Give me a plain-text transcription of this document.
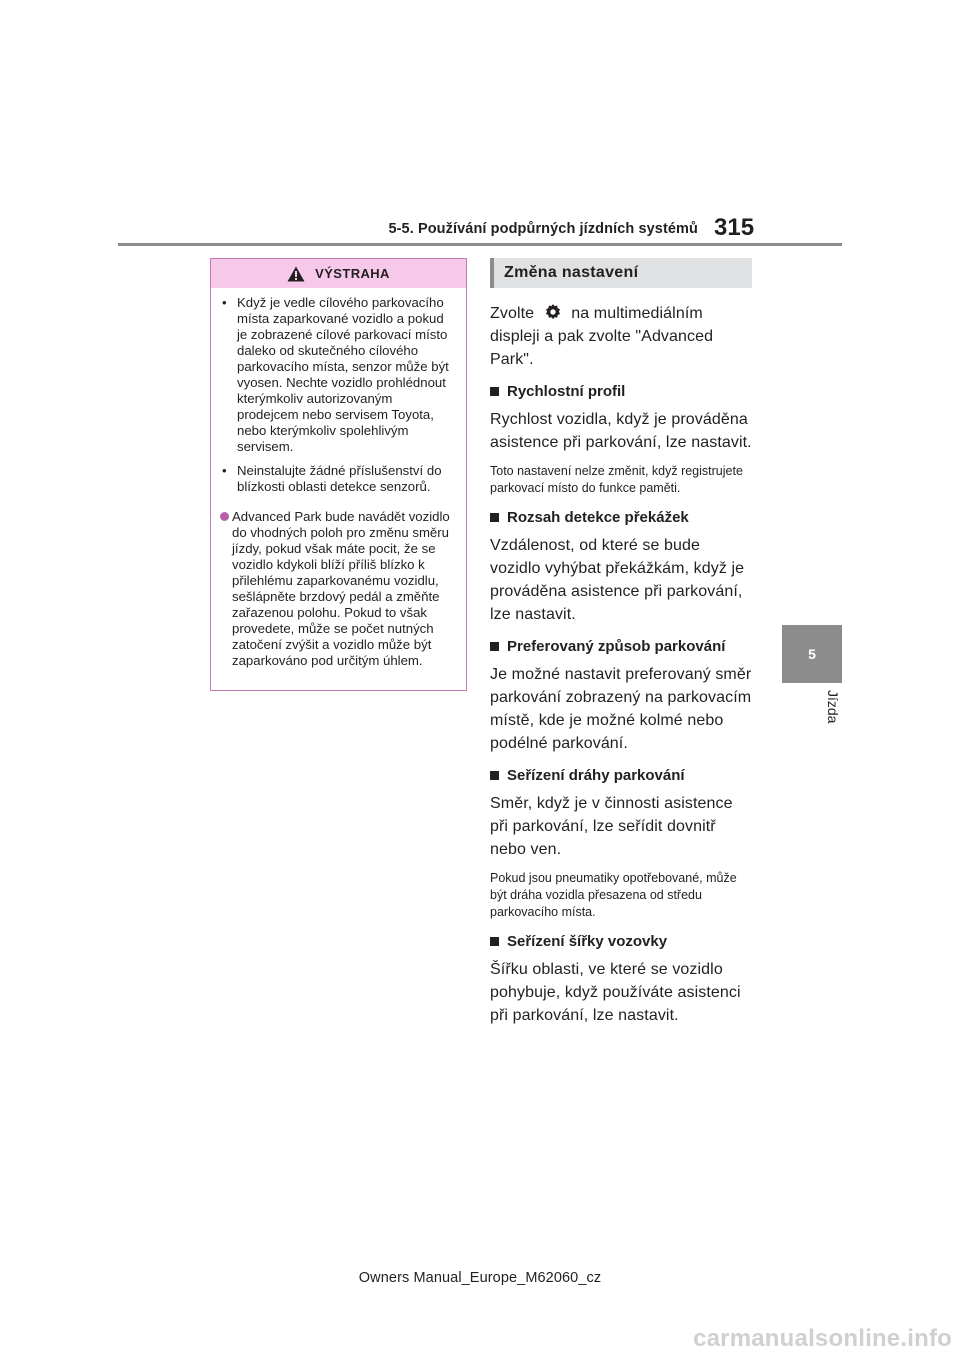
5-5. Používání podpůrných jízdních systémů 315
5
Jízda
VÝSTRAHA
• Když je vedle cílového parkovacího místa zaparkované vozidlo a pokud je zobrazené cílové parkovací místo daleko od skutečného cílového parkovacího místa, senzor může být vyosen. Nechte vozidlo prohlédnout kterýmkoliv autorizovaným prodejcem nebo servisem Toyota, nebo kterýmkoliv spolehlivým servisem.
• Neinstalujte žádné příslušenství do blízkosti oblasti detekce senzorů.
Advanced Park bude navádět vozidlo do vhodných poloh pro změnu směru jízdy, pokud však máte pocit, že se vozidlo kdykoli blíží příliš blízko k přilehlému zaparkovanému vozidlu, sešlápněte brzdový pedál a změňte zařazenou polohu. Pokud to však provedete, může se počet nutných zatočení zvýšit a vozidlo může být zaparkováno pod určitým úhlem.
Změna nastavení

Zvolte na multimediálním displeji a pak zvolte "Advanced Park".

Rychlostní profil
Rychlost vozidla, když je prováděna asistence při parkování, lze nastavit.
Toto nastavení nelze změnit, když registrujete parkovací místo do funkce paměti.
Rozsah detekce překážek
Vzdálenost, od které se bude vozidlo vyhýbat překážkám, když je prováděna asistence při parkování, lze nastavit.
Preferovaný způsob parkování
Je možné nastavit preferovaný směr parkování zobrazený na parkovacím místě, kde je možné kolmé nebo podélné parkování.
Seřízení dráhy parkování
Směr, když je v činnosti asistence při parkování, lze seřídit dovnitř nebo ven.
Pokud jsou pneumatiky opotřebované, může být dráha vozidla přesazena od středu parkovacího místa.
Seřízení šířky vozovky
Šířku oblasti, ve které se vozidlo pohybuje, když používáte asistenci při parkování, lze nastavit.
Owners Manual_Europe_M62060_cz
carmanualsonline.info
